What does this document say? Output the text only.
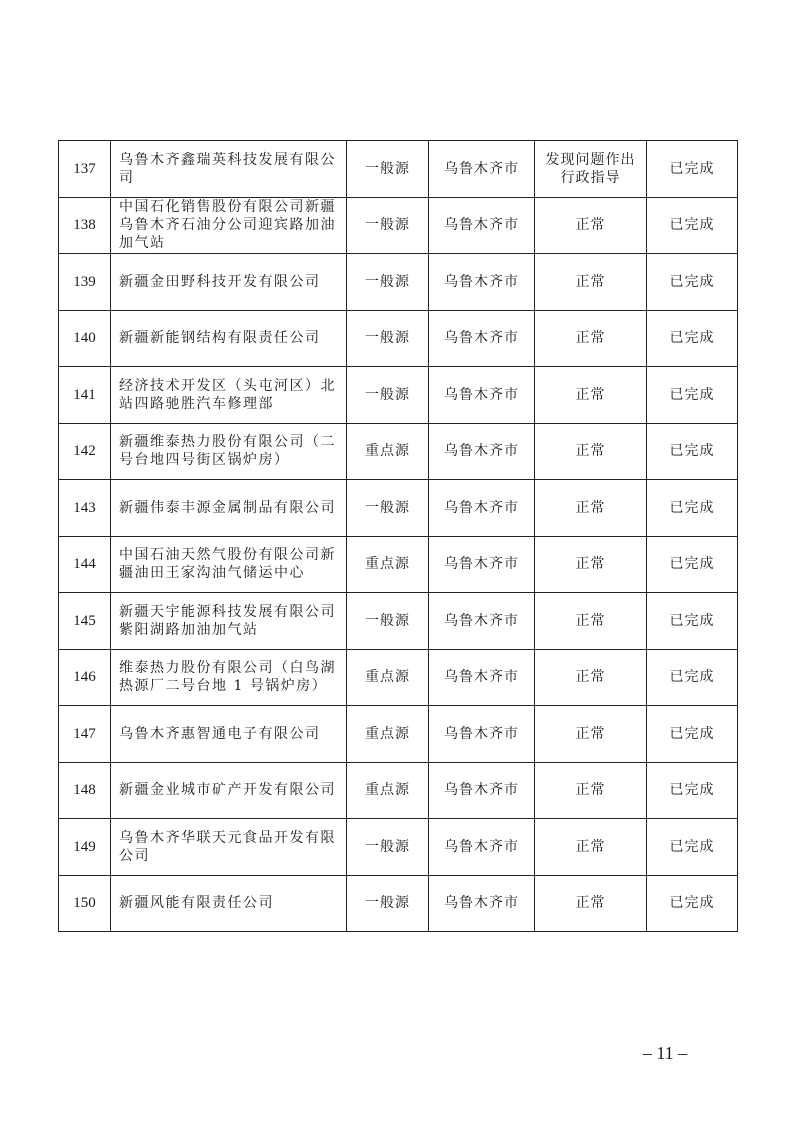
137	乌鲁木齐鑫瑞英科技发展有限公司	一般源	乌鲁木齐市	发现问题作出行政指导	已完成
138	中国石化销售股份有限公司新疆乌鲁木齐石油分公司迎宾路加油加气站	一般源	乌鲁木齐市	正常	已完成
139	新疆金田野科技开发有限公司	一般源	乌鲁木齐市	正常	已完成
140	新疆新能钢结构有限责任公司	一般源	乌鲁木齐市	正常	已完成
141	经济技术开发区（头屯河区）北站四路驰胜汽车修理部	一般源	乌鲁木齐市	正常	已完成
142	新疆维泰热力股份有限公司（二号台地四号街区锅炉房）	重点源	乌鲁木齐市	正常	已完成
143	新疆伟泰丰源金属制品有限公司	一般源	乌鲁木齐市	正常	已完成
144	中国石油天然气股份有限公司新疆油田王家沟油气储运中心	重点源	乌鲁木齐市	正常	已完成
145	新疆天宇能源科技发展有限公司紫阳湖路加油加气站	一般源	乌鲁木齐市	正常	已完成
146	维泰热力股份有限公司（白鸟湖热源厂二号台地 1 号锅炉房）	重点源	乌鲁木齐市	正常	已完成
147	乌鲁木齐惠智通电子有限公司	重点源	乌鲁木齐市	正常	已完成
148	新疆金业城市矿产开发有限公司	重点源	乌鲁木齐市	正常	已完成
149	乌鲁木齐华联天元食品开发有限公司	一般源	乌鲁木齐市	正常	已完成
150	新疆风能有限责任公司	一般源	乌鲁木齐市	正常	已完成
– 11 –
